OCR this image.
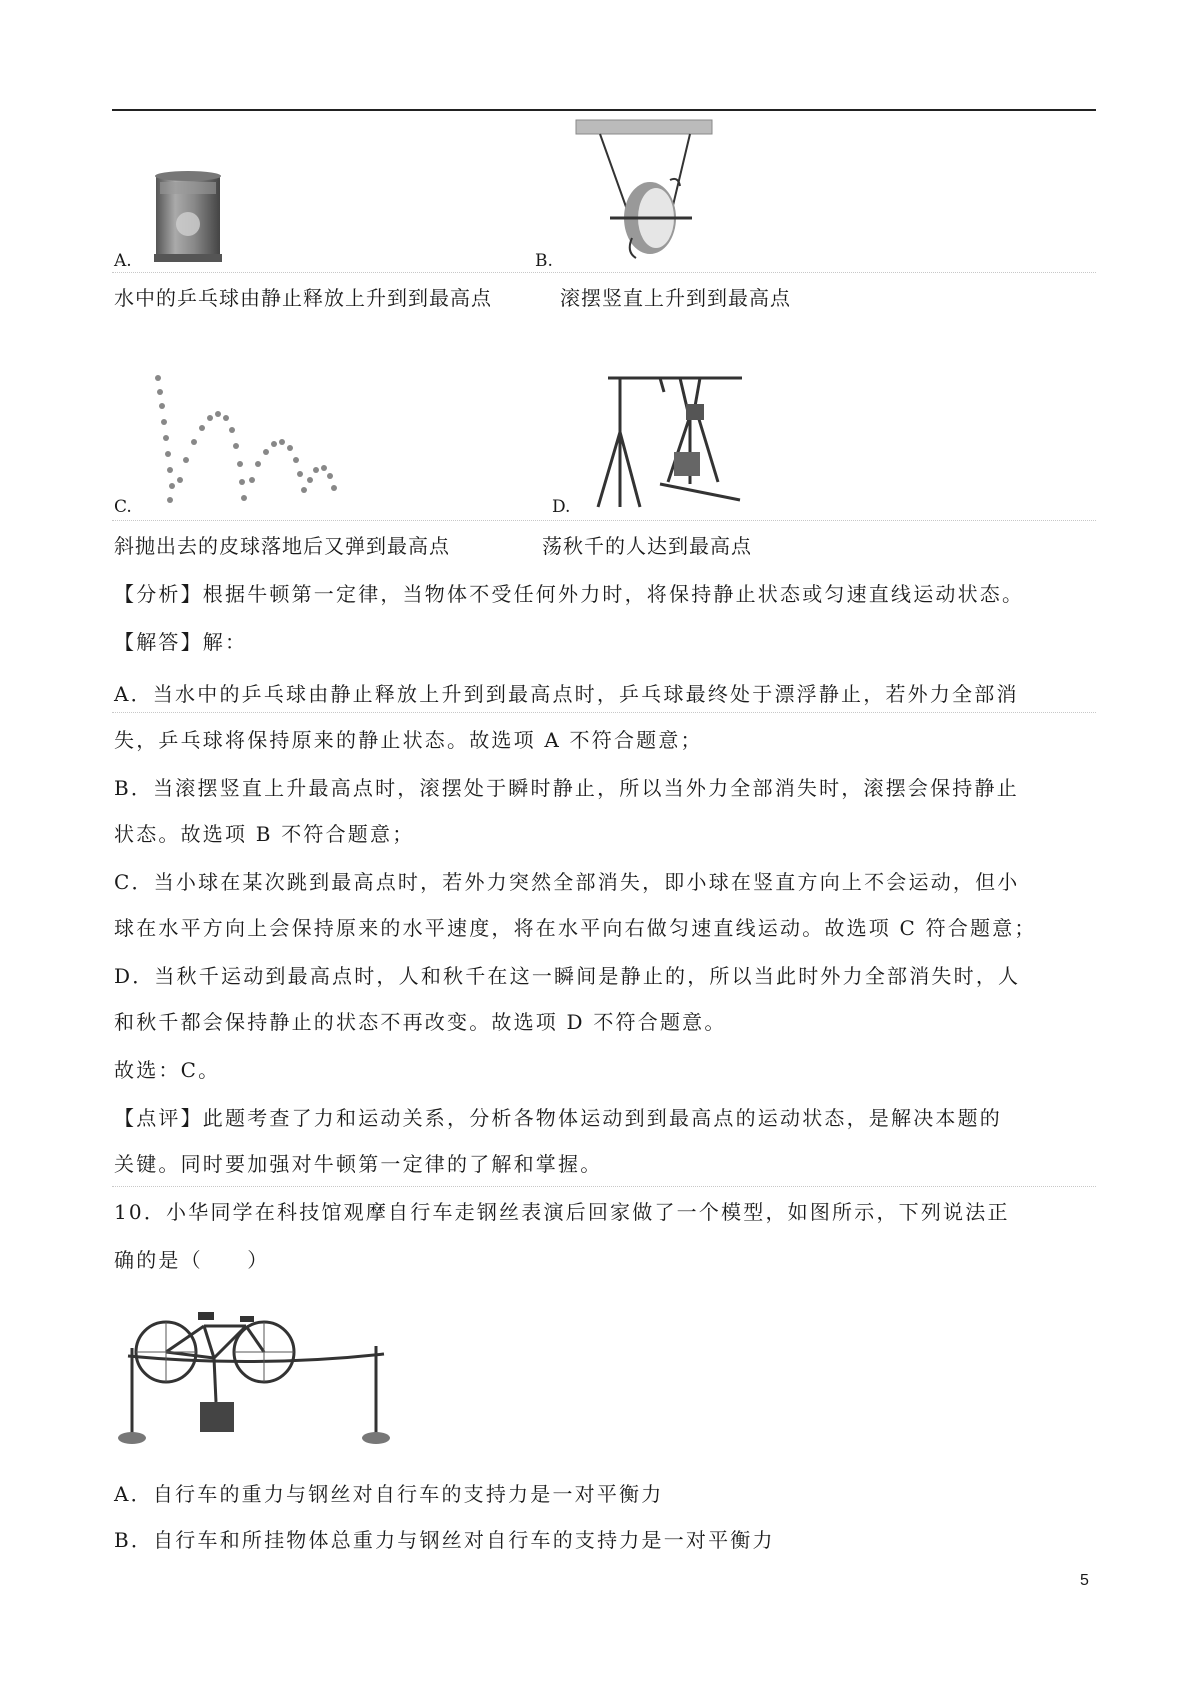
A.	B.
水中的乒乓球由静止释放上升到到最高点	滚摆竖直上升到到最高点
C.	D.
斜抛出去的皮球落地后又弹到最高点	荡秋千的人达到最高点
【分析】根据牛顿第一定律，当物体不受任何外力时，将保持静止状态或匀速直线运动状态。
【解答】解：
A．当水中的乒乓球由静止释放上升到到最高点时，乒乓球最终处于漂浮静止，若外力全部消
失，乒乓球将保持原来的静止状态。故选项 A 不符合题意；
B．当滚摆竖直上升最高点时，滚摆处于瞬时静止，所以当外力全部消失时，滚摆会保持静止
状态。故选项 B 不符合题意；
C．当小球在某次跳到最高点时，若外力突然全部消失，即小球在竖直方向上不会运动，但小
球在水平方向上会保持原来的水平速度，将在水平向右做匀速直线运动。故选项 C 符合题意；
D．当秋千运动到最高点时，人和秋千在这一瞬间是静止的，所以当此时外力全部消失时，人
和秋千都会保持静止的状态不再改变。故选项 D 不符合题意。
故选：C。
【点评】此题考查了力和运动关系，分析各物体运动到到最高点的运动状态，是解决本题的
关键。同时要加强对牛顿第一定律的了解和掌握。
10．小华同学在科技馆观摩自行车走钢丝表演后回家做了一个模型，如图所示，下列说法正
确的是（　　）
A．自行车的重力与钢丝对自行车的支持力是一对平衡力
B．自行车和所挂物体总重力与钢丝对自行车的支持力是一对平衡力
5
